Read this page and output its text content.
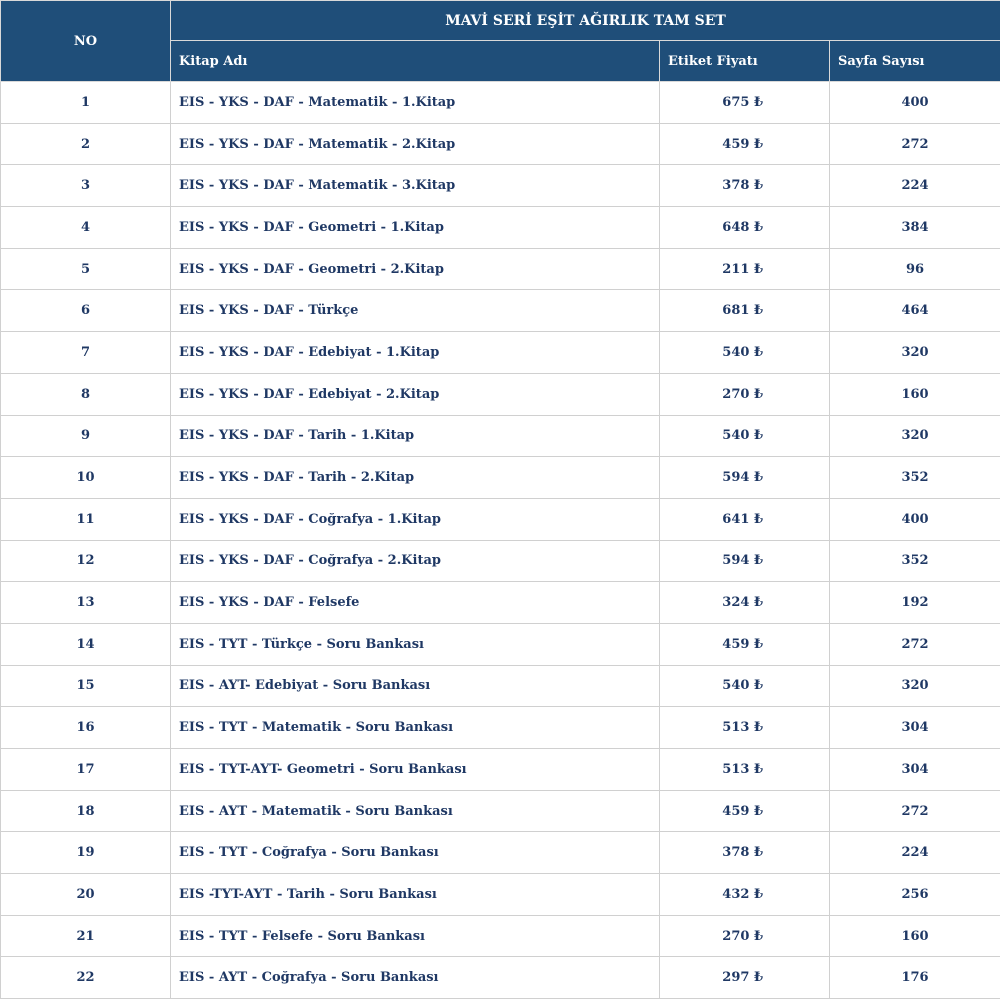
NO	MAVİ SERİ EŞİT AĞIRLIK TAM SET		
	Kitap Adı	Etiket Fiyatı	Sayfa Sayısı
1	EIS - YKS - DAF - Matematik - 1.Kitap	675 ₺	400
2	EIS - YKS - DAF - Matematik - 2.Kitap	459 ₺	272
3	EIS - YKS - DAF - Matematik - 3.Kitap	378 ₺	224
4	EIS - YKS - DAF - Geometri - 1.Kitap	648 ₺	384
5	EIS - YKS - DAF - Geometri - 2.Kitap	211 ₺	96
6	EIS - YKS - DAF - Türkçe	681 ₺	464
7	EIS - YKS - DAF - Edebiyat - 1.Kitap	540 ₺	320
8	EIS - YKS - DAF - Edebiyat - 2.Kitap	270 ₺	160
9	EIS - YKS - DAF - Tarih - 1.Kitap	540 ₺	320
10	EIS - YKS - DAF - Tarih - 2.Kitap	594 ₺	352
11	EIS - YKS - DAF - Coğrafya - 1.Kitap	641 ₺	400
12	EIS - YKS - DAF - Coğrafya - 2.Kitap	594 ₺	352
13	EIS - YKS - DAF - Felsefe	324 ₺	192
14	EIS - TYT - Türkçe - Soru Bankası	459 ₺	272
15	EIS - AYT- Edebiyat - Soru Bankası	540 ₺	320
16	EIS - TYT - Matematik - Soru Bankası	513 ₺	304
17	EIS - TYT-AYT- Geometri - Soru Bankası	513 ₺	304
18	EIS - AYT - Matematik - Soru Bankası	459 ₺	272
19	EIS - TYT - Coğrafya - Soru Bankası	378 ₺	224
20	EIS -TYT-AYT - Tarih - Soru Bankası	432 ₺	256
21	EIS - TYT - Felsefe - Soru Bankası	270 ₺	160
22	EIS - AYT - Coğrafya - Soru Bankası	297 ₺	176
